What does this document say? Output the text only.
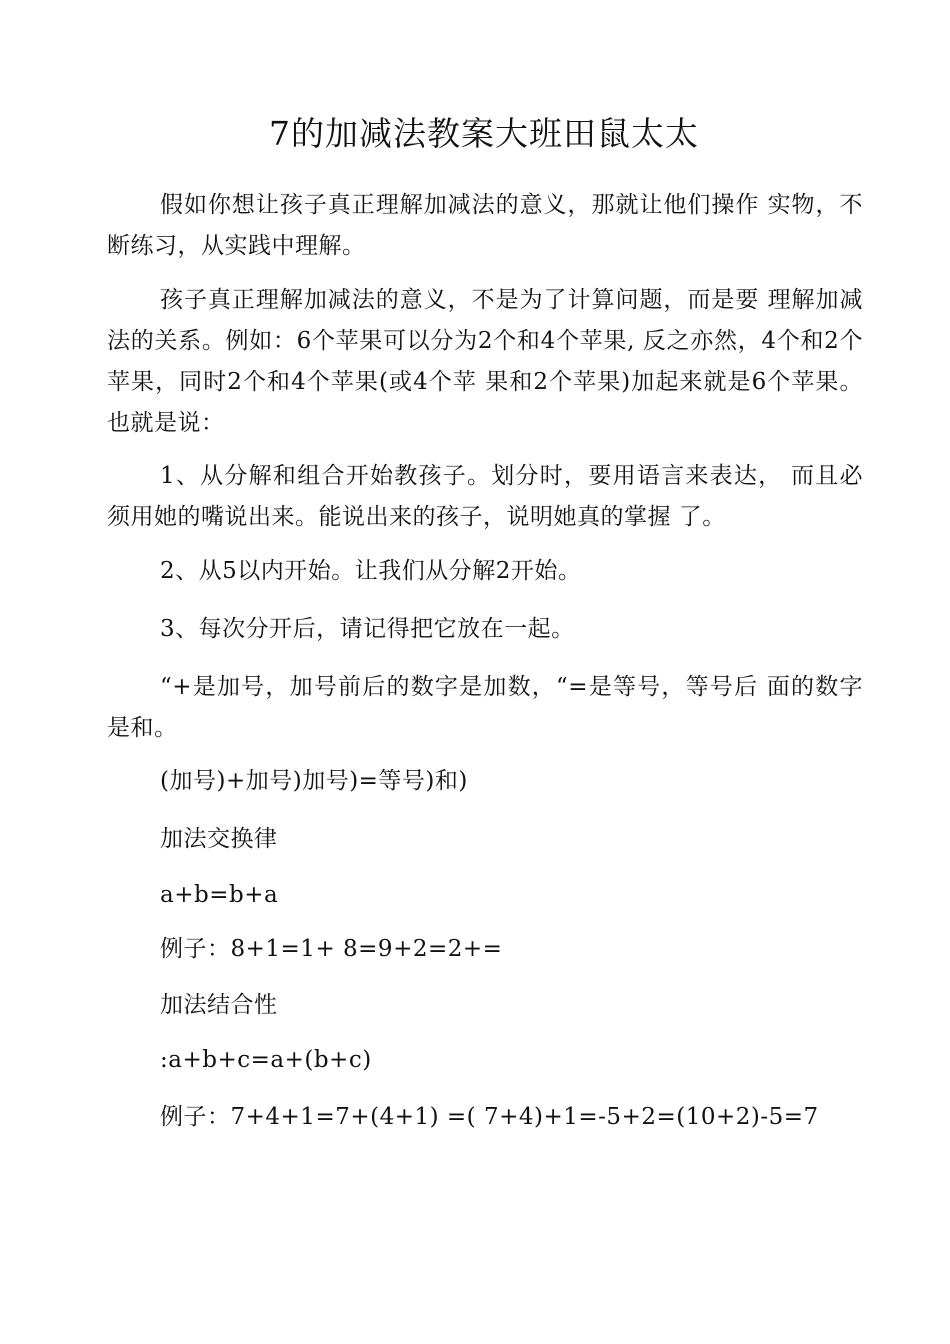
7的加减法教案大班田鼠太太

假如你想让孩子真正理解加减法的意义，那就让他们操作 实物，不断练习，从实践中理解。

孩子真正理解加减法的意义，不是为了计算问题，而是要 理解加减法的关系。例如：6个苹果可以分为2个和4个苹果, 反之亦然，4个和2个苹果，同时2个和4个苹果(或4个苹 果和2个苹果)加起来就是6个苹果。也就是说：

1、从分解和组合开始教孩子。划分时，要用语言来表达， 而且必须用她的嘴说出来。能说出来的孩子，说明她真的掌握 了。

2、从5以内开始。让我们从分解2开始。

3、每次分开后，请记得把它放在一起。

“+是加号，加号前后的数字是加数，“=是等号，等号后 面的数字是和。

(加号)+加号)加号)=等号)和)

加法交换律

a+b=b+a

例子：8+1=1+ 8=9+2=2+=

加法结合性

:a+b+c=a+(b+c)

例子：7+4+1=7+(4+1) =( 7+4)+1=-5+2=(10+2)-5=7
